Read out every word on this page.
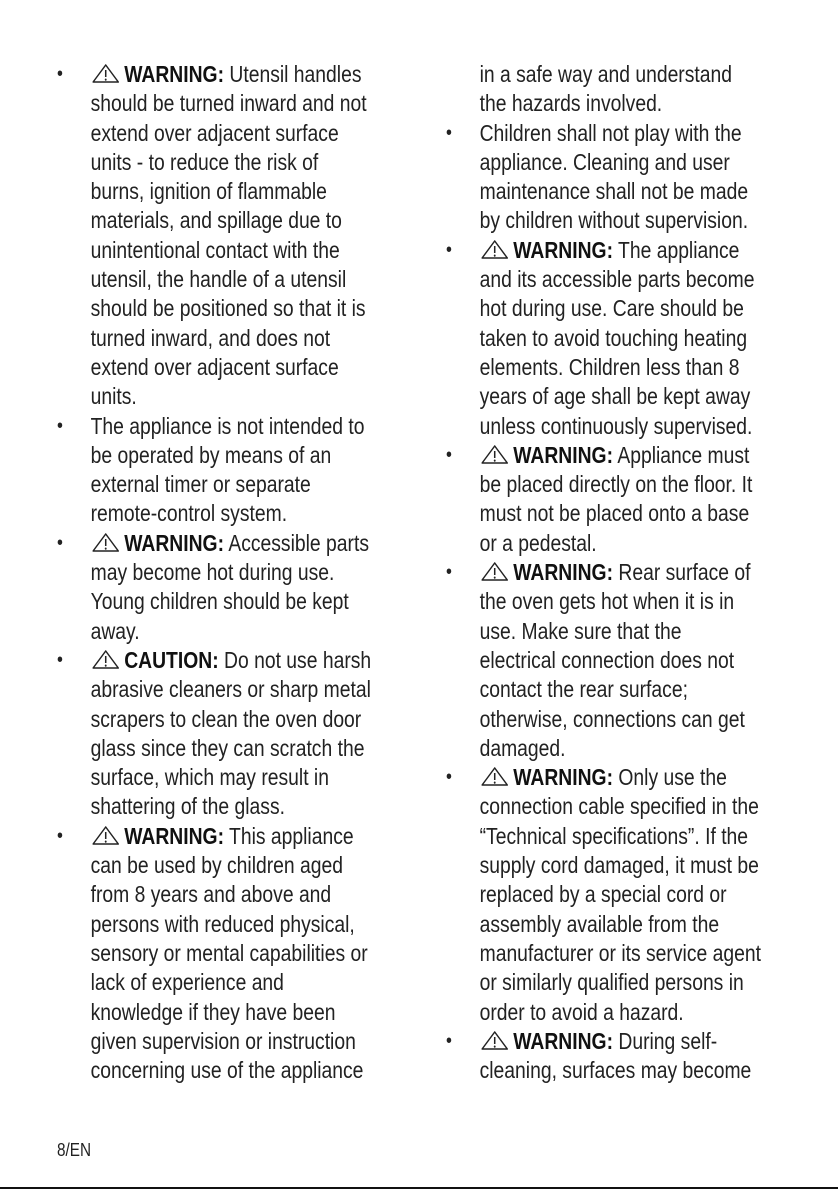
•	WARNING: Utensil handles
should be turned inward and not
extend over adjacent surface
units - to reduce the risk of
burns, ignition of flammable
materials, and spillage due to
unintentional contact with the
utensil, the handle of a utensil
should be positioned so that it is
turned inward, and does not
extend over adjacent surface
units.
•	The appliance is not intended to
be operated by means of an
external timer or separate
remote-control system.
•	WARNING: Accessible parts
may become hot during use.
Young children should be kept
away.
•	CAUTION: Do not use harsh
abrasive cleaners or sharp metal
scrapers to clean the oven door
glass since they can scratch the
surface, which may result in
shattering of the glass.
•	WARNING: This appliance
can be used by children aged
from 8 years and above and
persons with reduced physical,
sensory or mental capabilities or
lack of experience and
knowledge if they have been
given supervision or instruction
concerning use of the appliance
in a safe way and understand
the hazards involved.
•	Children shall not play with the
appliance. Cleaning and user
maintenance shall not be made
by children without supervision.
•	WARNING: The appliance
and its accessible parts become
hot during use. Care should be
taken to avoid touching heating
elements. Children less than 8
years of age shall be kept away
unless continuously supervised.
•	WARNING: Appliance must
be placed directly on the floor. It
must not be placed onto a base
or a pedestal.
•	WARNING: Rear surface of
the oven gets hot when it is in
use. Make sure that the
electrical connection does not
contact the rear surface;
otherwise, connections can get
damaged.
•	WARNING: Only use the
connection cable specified in the
“Technical specifications”. If the
supply cord damaged, it must be
replaced by a special cord or
assembly available from the
manufacturer or its service agent
or similarly qualified persons in
order to avoid a hazard.
•	WARNING: During self-
cleaning, surfaces may become
8/EN
